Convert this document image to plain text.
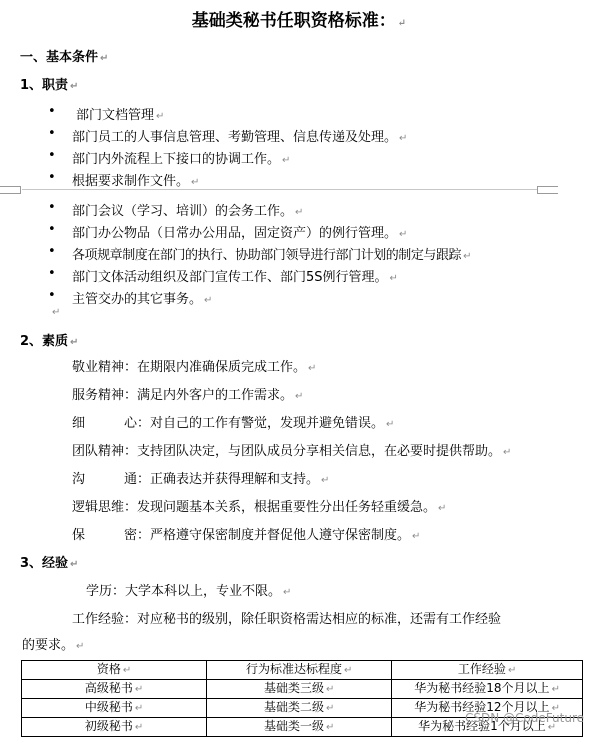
基础类秘书任职资格标准： ↵
一、基本条件 ↵
1、职责 ↵
• 部门文档管理 ↵
• 部门员工的人事信息管理、考勤管理、信息传递及处理。 ↵
• 部门内外流程上下接口的协调工作。 ↵
• 根据要求制作文件。 ↵
• 部门会议（学习、培训）的会务工作。 ↵
• 部门办公物品（日常办公用品，固定资产）的例行管理。 ↵
• 各项规章制度在部门的执行、协助部门领导进行部门计划的制定与跟踪 ↵
• 部门文体活动组织及部门宣传工作、部门5S例行管理。 ↵
• 主管交办的其它事务。 ↵
↵
2、素质 ↵
敬业精神：在期限内准确保质完成工作。 ↵
服务精神：满足内外客户的工作需求。 ↵
细　　　心：对自己的工作有警觉，发现并避免错误。 ↵
团队精神：支持团队决定，与团队成员分享相关信息，在必要时提供帮助。 ↵
沟　　　通：正确表达并获得理解和支持。 ↵
逻辑思维：发现问题基本关系，根据重要性分出任务轻重缓急。 ↵
保　　　密：严格遵守保密制度并督促他人遵守保密制度。 ↵
3、经验 ↵
学历：大学本科以上，专业不限。 ↵
工作经验：对应秘书的级别，除任职资格需达相应的标准，还需有工作经验
的要求。 ↵
资格 ↵	行为标准达标程度 ↵	工作经验 ↵
高级秘书 ↵	基础类三级 ↵	华为秘书经验18个月以上 ↵
中级秘书 ↵	基础类二级 ↵	华为秘书经验12个月以上 ↵
初级秘书 ↵	基础类一级 ↵	华为秘书经验1个月以上 ↵
CSDN @CodeFuture
